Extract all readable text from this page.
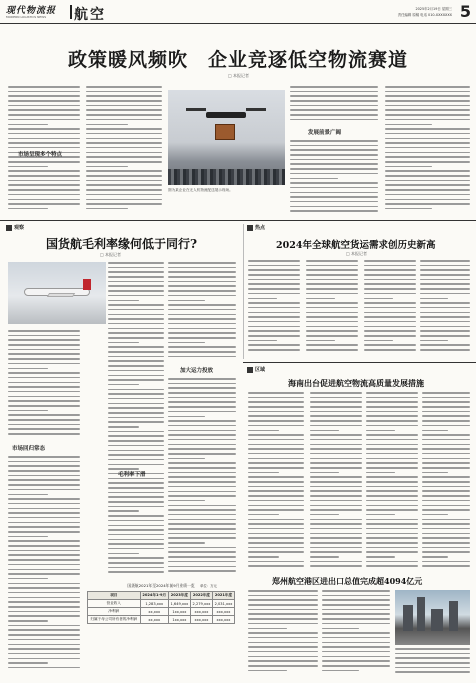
现代物流报
MODERN LOGISTICS NEWS 航空	2025年2月19日 星期三
责任编辑 原稿 电话 010-XXXXXXX 5
政策暖风频吹　企业竞逐低空物流赛道
□ 本报记者
市场呈现多个特点
图为某企业在无人机物流配送展示现场。
发展前景广阔
观察
国货航毛利率缘何低于同行?
□ 本报记者
市场回归常态
毛利率下滑
加大运力投放
国货航2021年至2024年前9月业绩一览	单位：万元
项目	2024年1-9月	2023年度	2022年度	2021年度
营业收入	1,283,xxx	1,649,xxx	2,279,xxx	2,031,xxx
净利润	xx,xxx	1xx,xxx	xxx,xxx	xxx,xxx
归属于母公司所有者的净利润	xx,xxx	1xx,xxx	xxx,xxx	xxx,xxx
热点
2024年全球航空货运需求创历史新高
□ 本报记者
区域
海南出台促进航空物流高质量发展措施
郑州航空港区进出口总值完成超4094亿元
